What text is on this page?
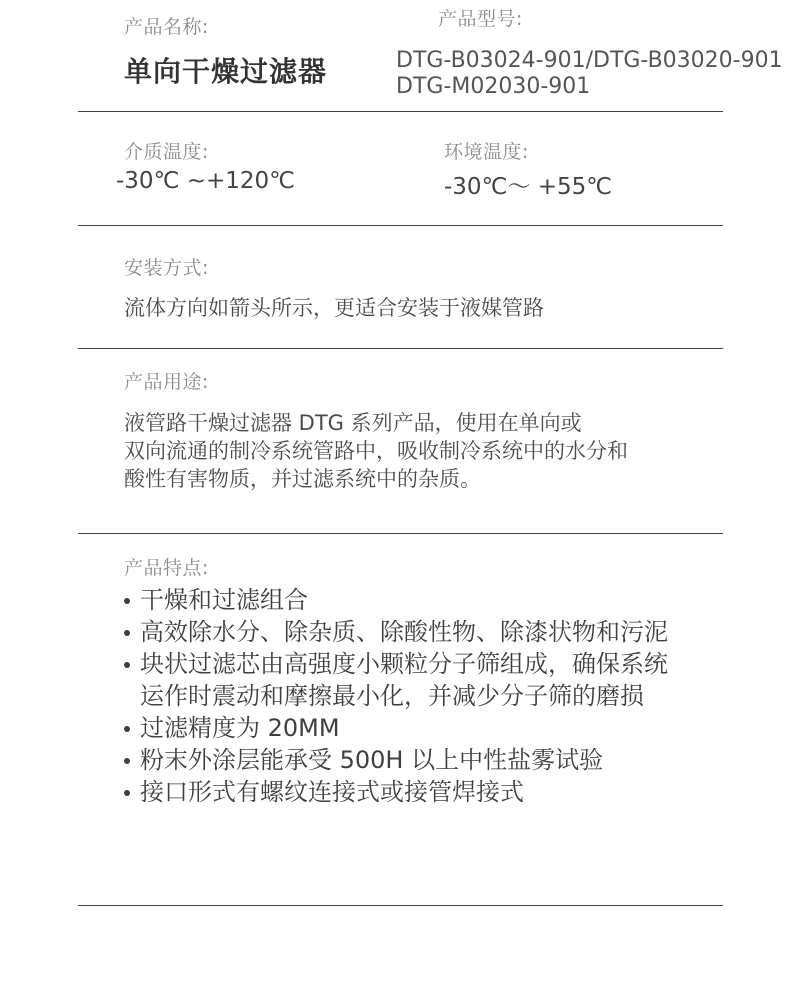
产品名称:
单向干燥过滤器
产品型号:
DTG-B03024-901/DTG-B03020-901
DTG-M02030-901
介质温度:
-30℃ ~+120℃
环境温度:
-30℃～ +55℃
安装方式:
流体方向如箭头所示，更适合安装于液媒管路
产品用途:
液管路干燥过滤器 DTG 系列产品，使用在单向或
双向流通的制冷系统管路中，吸收制冷系统中的水分和
酸性有害物质，并过滤系统中的杂质。
产品特点:
干燥和过滤组合
高效除水分、除杂质、除酸性物、除漆状物和污泥
块状过滤芯由高强度小颗粒分子筛组成，确保系统
运作时震动和摩擦最小化，并减少分子筛的磨损
过滤精度为 20MM
粉末外涂层能承受 500H 以上中性盐雾试验
接口形式有螺纹连接式或接管焊接式
